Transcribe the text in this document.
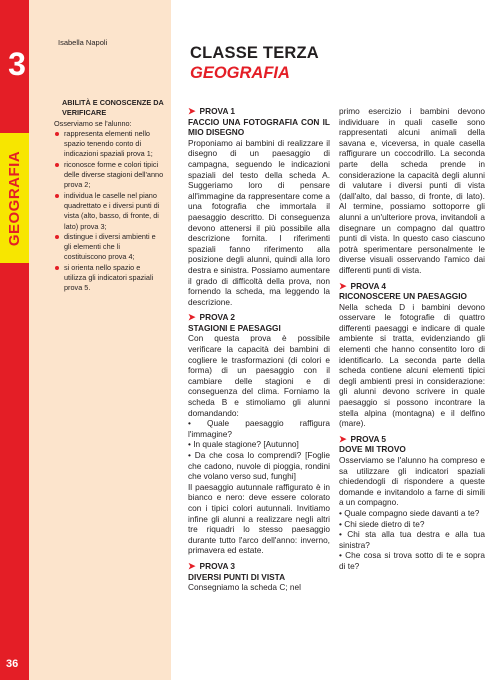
3
GEOGRAFIA
36
Isabella Napoli
ABILITÀ E CONOSCENZE DA VERIFICARE
Osserviamo se l'alunno:
rappresenta elementi nello spazio tenendo conto di indicazioni spaziali prova 1;
riconosce forme e colori tipici delle diverse stagioni dell'anno prova 2;
individua le caselle nel piano quadrettato e i diversi punti di vista (alto, basso, di fronte, di lato) prova 3;
distingue i diversi ambienti e gli elementi che li costituiscono prova 4;
si orienta nello spazio e utilizza gli indicatori spaziali prova 5.
CLASSE TERZA
GEOGRAFIA
➤ PROVA 1

FACCIO UNA FOTOGRAFIA CON IL MIO DISEGNO

Proponiamo ai bambini di realizzare il disegno di un paesaggio di campagna, seguendo le indicazioni spaziali del testo della scheda A. Suggeriamo loro di pensare all'immagine da rappresentare come a una fotografia che immortala il paesaggio descritto. Di conseguenza devono attenersi il più possibile alla descrizione fornita. I riferimenti spaziali fanno riferimento alla posizione degli alunni, quindi alla loro destra e sinistra. Possiamo aumentare il grado di difficoltà della prova, non fornendo la scheda, ma leggendo la descrizione.

➤ PROVA 2

STAGIONI E PAESAGGI

Con questa prova è possibile verificare la capacità dei bambini di cogliere le trasformazioni (di colori e forma) di un paesaggio con il cambiare delle stagioni e di conseguenza del clima. Forniamo la scheda B e stimoliamo gli alunni domandando:

• Quale paesaggio raffigura l'immagine?

• In quale stagione? [Autunno]

• Da che cosa lo comprendi? [Foglie che cadono, nuvole di pioggia, rondini che volano verso sud, funghi]

Il paesaggio autunnale raffigurato è in bianco e nero: deve essere colorato con i tipici colori autunnali. Invitiamo infine gli alunni a realizzare negli altri tre riquadri lo stesso paesaggio durante tutto l'arco dell'anno: inverno, primavera ed estate.

➤ PROVA 3

DIVERSI PUNTI DI VISTA

Consegniamo la scheda C; nel

primo esercizio i bambini devono individuare in quali caselle sono rappresentati alcuni animali della savana e, viceversa, in quale casella raffigurare un coccodrillo. La seconda parte della scheda prende in considerazione la capacità degli alunni di valutare i diversi punti di vista (dall'alto, dal basso, di fronte, di lato). Al termine, possiamo sottoporre gli alunni a un'ulteriore prova, invitandoli a disegnare un compagno dal quattro punti di vista. In questo caso ciascuno potrà sperimentare personalmente le diverse visuali osservando l'amico dai differenti punti di vista.

➤ PROVA 4

RICONOSCERE UN PAESAGGIO

Nella scheda D i bambini devono osservare le fotografie di quattro differenti paesaggi e indicare di quale ambiente si tratta, evidenziando gli elementi che hanno consentito loro di identificarlo. La seconda parte della scheda contiene alcuni elementi tipici degli ambienti presi in considerazione: gli alunni devono scrivere in quale paesaggio si possono incontrare la stella alpina (montagna) e il delfino (mare).

➤ PROVA 5

DOVE MI TROVO

Osserviamo se l'alunno ha compreso e sa utilizzare gli indicatori spaziali chiedendogli di rispondere a queste domande e invitandolo a farne di simili a un compagno.

• Quale compagno siede davanti a te?

• Chi siede dietro di te?

• Chi sta alla tua destra e alla tua sinistra?

• Che cosa si trova sotto di te e sopra di te?
